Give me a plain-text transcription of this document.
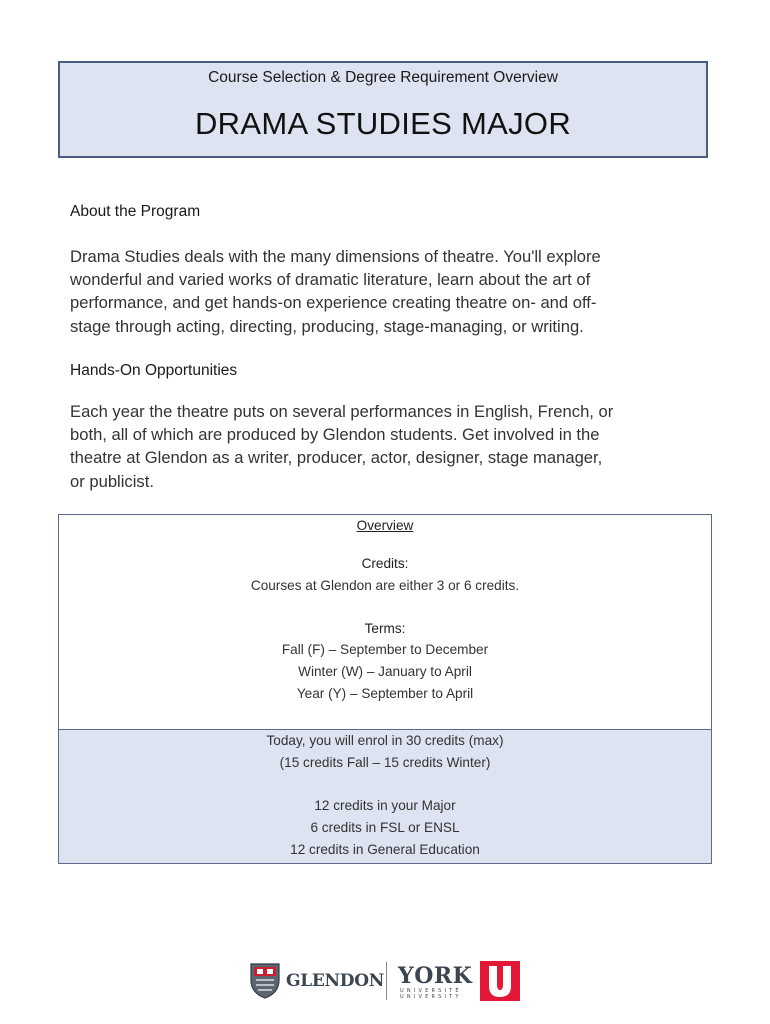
Course Selection & Degree Requirement Overview
DRAMA STUDIES MAJOR
About the Program
Drama Studies deals with the many dimensions of theatre. You'll explore
wonderful and varied works of dramatic literature, learn about the art of
performance, and get hands-on experience creating theatre on- and off-
stage through acting, directing, producing, stage-managing, or writing.
Hands-On Opportunities
Each year the theatre puts on several performances in English, French, or
both, all of which are produced by Glendon students. Get involved in the
theatre at Glendon as a writer, producer, actor, designer, stage manager,
or publicist.
Overview
Credits:
Courses at Glendon are either 3 or 6 credits.
Terms:
Fall (F) – September to December
Winter (W) – January to April
Year (Y) – September to April
Today, you will enrol in 30 credits (max)
(15 credits Fall – 15 credits Winter)
12 credits in your Major
6 credits in FSL or ENSL
12 credits in General Education
GLENDON YORK
UNIVERSITÉ
UNIVERSITY
